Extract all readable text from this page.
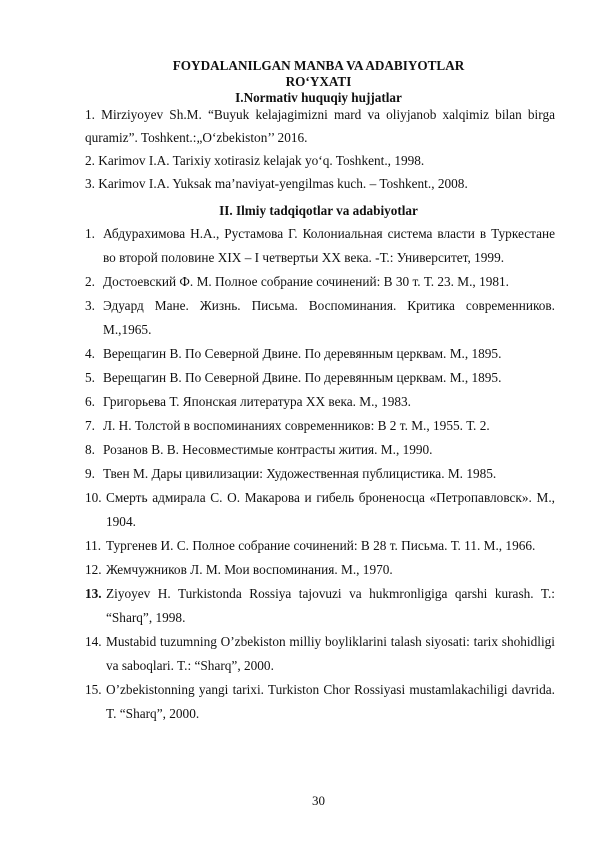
FOYDALANILGAN MANBA VA ADABIYOTLAR
RO‘YXATI
I.Normativ huquqiy hujjatlar
1. Mirziyoyev Sh.M. “Buyuk kelajagimizni mard va oliyjanob xalqimiz bilan birga quramiz”. Toshkent.:„O‘zbekiston’’ 2016.
2. Karimov I.A. Tarixiy xotirasiz kelajak yo‘q. Toshkent., 1998.
3. Karimov I.A. Yuksak ma’naviyat-yengilmas kuch. – Toshkent., 2008.
II. Ilmiy tadqiqotlar va adabiyotlar
1. Абдурахимова Н.А., Рустамова Г. Колониальная система власти в Туркестане во второй половине XIX – I четвертьи XX века. -Т.: Университет, 1999.
2. Достоевский Ф. М. Полное собрание сочинений: В 30 т. Т. 23. М., 1981.
3. Эдуард Мане. Жизнь. Письма. Воспоминания. Критика современников. М.,1965.
4. Верещагин В. По Северной Двине. По деревянным церквам. М., 1895.
5. Верещагин В. По Северной Двине. По деревянным церквам. М., 1895.
6. Григорьева Т. Японская литература XX века. М., 1983.
7. Л. Н. Толстой в воспоминаниях современников: В 2 т. М., 1955. Т. 2.
8. Розанов В. В. Несовместимые контрасты жития. М., 1990.
9. Твен М. Дары цивилизации: Художественная публицистика. М. 1985.
10. Смерть адмирала С. О. Макарова и гибель броненосца «Петропавловск». М., 1904.
11. Тургенев И. С. Полное собрание сочинений: В 28 т. Письма. Т. 11. М., 1966.
12. Жемчужников Л. М. Мои воспоминания. М., 1970.
13. Ziyoyev H. Turkistonda Rossiya tajovuzi va hukmronligiga qarshi kurash. T.: “Sharq”, 1998.
14. Mustabid tuzumning O’zbekiston milliy boyliklarini talash siyosati: tarix shohidligi va saboqlari. T.: “Sharq”, 2000.
15. O’zbekistonning yangi tarixi. Turkiston Chor Rossiyasi mustamlakachiligi davrida. T. “Sharq”, 2000.
30
